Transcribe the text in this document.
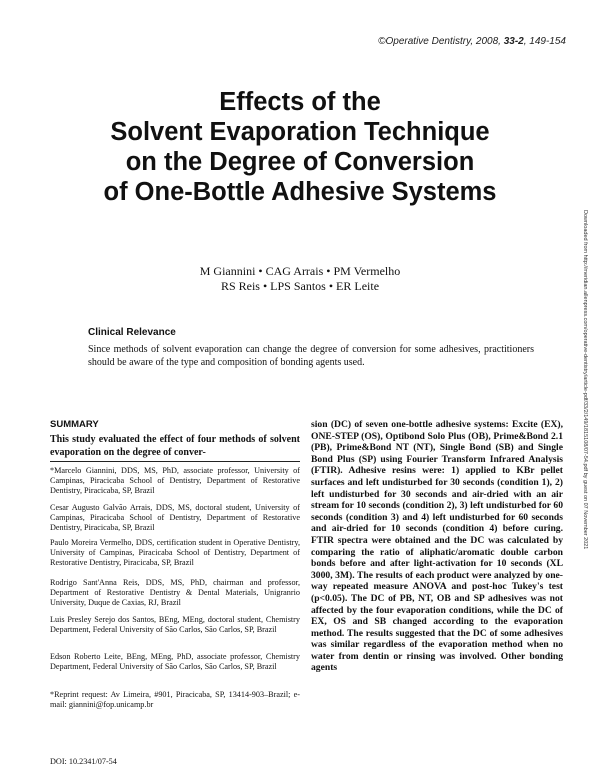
©Operative Dentistry, 2008, 33-2, 149-154
Effects of the
Solvent Evaporation Technique
on the Degree of Conversion
of One-Bottle Adhesive Systems
Downloaded from http://meridian.allenpress.com/operative-dentistry/article-pdf/33/2/149/1815108/07-54.pdf by guest on 07 November 2021
M Giannini • CAG Arrais • PM Vermelho
RS Reis • LPS Santos • ER Leite
Clinical Relevance
Since methods of solvent evaporation can change the degree of conversion for some adhesives, practitioners should be aware of the type and composition of bonding agents used.
SUMMARY
This study evaluated the effect of four methods of solvent evaporation on the degree of conver-
*Marcelo Giannini, DDS, MS, PhD, associate professor, University of Campinas, Piracicaba School of Dentistry, Department of Restorative Dentistry, Piracicaba, SP, Brazil
Cesar Augusto Galvão Arrais, DDS, MS, doctoral student, University of Campinas, Piracicaba School of Dentistry, Department of Restorative Dentistry, Piracicaba, SP, Brazil
Paulo Moreira Vermelho, DDS, certification student in Operative Dentistry, University of Campinas, Piracicaba School of Dentistry, Department of Restorative Dentistry, Piracicaba, SP, Brazil
Rodrigo Sant'Anna Reis, DDS, MS, PhD, chairman and professor, Department of Restorative Dentistry & Dental Materials, Unigranrio University, Duque de Caxias, RJ, Brazil
Luis Presley Serejo dos Santos, BEng, MEng, doctoral student, Chemistry Department, Federal University of São Carlos, São Carlos, SP, Brazil
Edson Roberto Leite, BEng, MEng, PhD, associate professor, Chemistry Department, Federal University of São Carlos, São Carlos, SP, Brazil
*Reprint request: Av Limeira, #901, Piracicaba, SP, 13414-903–Brazil; e-mail: giannini@fop.unicamp.br
DOI: 10.2341/07-54
sion (DC) of seven one-bottle adhesive systems: Excite (EX), ONE-STEP (OS), Optibond Solo Plus (OB), Prime&Bond 2.1 (PB), Prime&Bond NT (NT), Single Bond (SB) and Single Bond Plus (SP) using Fourier Transform Infrared Analysis (FTIR). Adhesive resins were: 1) applied to KBr pellet surfaces and left undisturbed for 30 seconds (condition 1), 2) left undisturbed for 30 seconds and air-dried with an air stream for 10 seconds (condition 2), 3) left undisturbed for 60 seconds (condition 3) and 4) left undisturbed for 60 seconds and air-dried for 10 seconds (condition 4) before curing. FTIR spectra were obtained and the DC was calculated by comparing the ratio of aliphatic/aromatic double carbon bonds before and after light-activation for 10 seconds (XL 3000, 3M). The results of each product were analyzed by one-way repeated measure ANOVA and post-hoc Tukey's test (p<0.05). The DC of PB, NT, OB and SP adhesives was not affected by the four evaporation conditions, while the DC of EX, OS and SB changed according to the evaporation method. The results suggested that the DC of some adhesives was similar regardless of the evaporation method when no water from dentin or rinsing was involved. Other bonding agents
